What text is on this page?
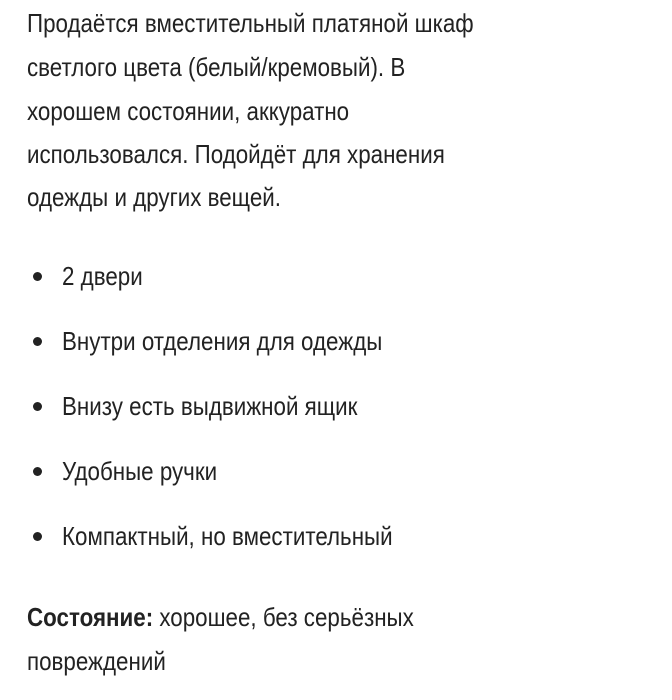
Продаётся вместительный платяной шкаф
светлого цвета (белый/кремовый). В
хорошем состоянии, аккуратно
использовался. Подойдёт для хранения
одежды и других вещей.
2 двери
Внутри отделения для одежды
Внизу есть выдвижной ящик
Удобные ручки
Компактный, но вместительный
Состояние: хорошее, без серьёзных
повреждений
